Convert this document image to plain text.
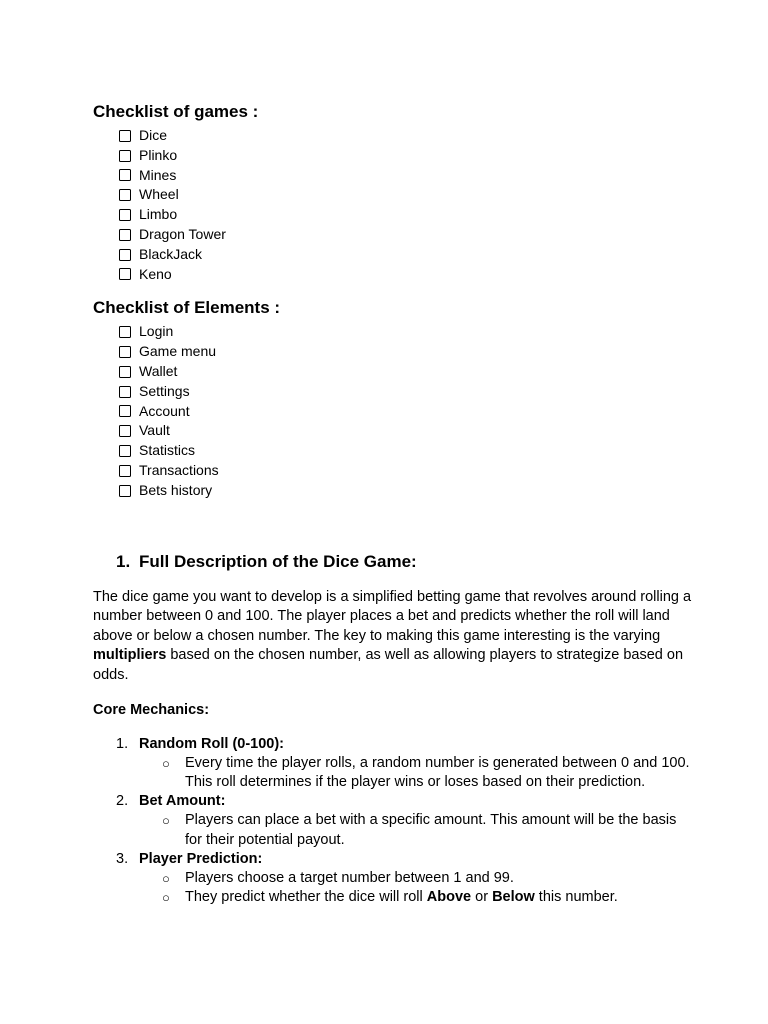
Checklist of games :
Dice
Plinko
Mines
Wheel
Limbo
Dragon Tower
BlackJack
Keno
Checklist of Elements :
Login
Game menu
Wallet
Settings
Account
Vault
Statistics
Transactions
Bets history
1. Full Description of the Dice Game:

The dice game you want to develop is a simplified betting game that revolves around rolling a number between 0 and 100. The player places a bet and predicts whether the roll will land above or below a chosen number. The key to making this game interesting is the varying multipliers based on the chosen number, as well as allowing players to strategize based on odds.

Core Mechanics:

1. Random Roll (0-100):
○ Every time the player rolls, a random number is generated between 0 and 100. This roll determines if the player wins or loses based on their prediction.
2. Bet Amount:
○ Players can place a bet with a specific amount. This amount will be the basis for their potential payout.
3. Player Prediction:
○ Players choose a target number between 1 and 99.
○ They predict whether the dice will roll Above or Below this number.
